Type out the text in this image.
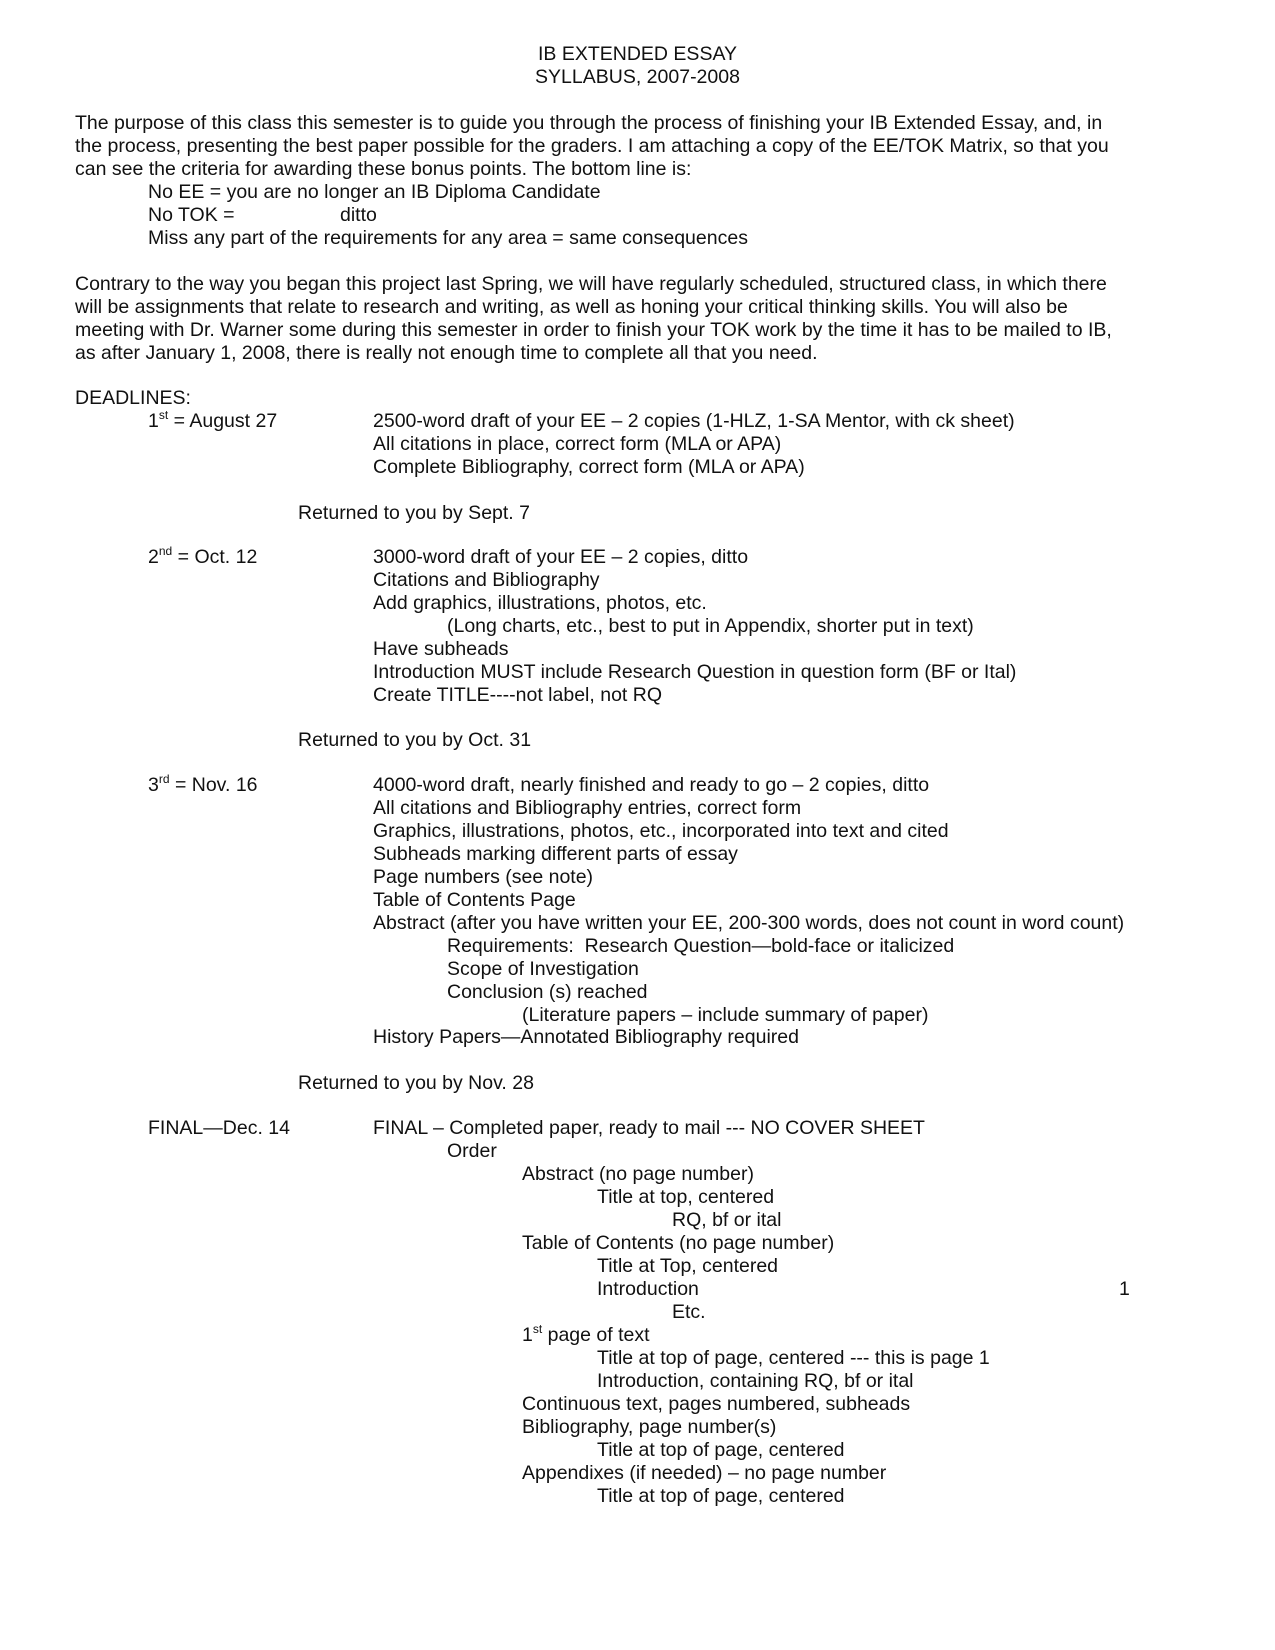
IB EXTENDED ESSAY
SYLLABUS, 2007-2008
The purpose of this class this semester is to guide you through the process of finishing your IB Extended Essay, and, in
the process, presenting the best paper possible for the graders. I am attaching a copy of the EE/TOK Matrix, so that you
can see the criteria for awarding these bonus points. The bottom line is:
No EE = you are no longer an IB Diploma Candidate
No TOK =	ditto
Miss any part of the requirements for any area = same consequences
Contrary to the way you began this project last Spring, we will have regularly scheduled, structured class, in which there
will be assignments that relate to research and writing, as well as honing your critical thinking skills. You will also be
meeting with Dr. Warner some during this semester in order to finish your TOK work by the time it has to be mailed to IB,
as after January 1, 2008, there is really not enough time to complete all that you need.
DEADLINES:
1st = August 27	2500-word draft of your EE – 2 copies (1-HLZ, 1-SA Mentor, with ck sheet)
All citations in place, correct form (MLA or APA)
Complete Bibliography, correct form (MLA or APA)
Returned to you by Sept. 7
2nd = Oct. 12	3000-word draft of your EE – 2 copies, ditto
Citations and Bibliography
Add graphics, illustrations, photos, etc.
(Long charts, etc., best to put in Appendix, shorter put in text)
Have subheads
Introduction MUST include Research Question in question form (BF or Ital)
Create TITLE----not label, not RQ
Returned to you by Oct. 31
3rd = Nov. 16	4000-word draft, nearly finished and ready to go – 2 copies, ditto
All citations and Bibliography entries, correct form
Graphics, illustrations, photos, etc., incorporated into text and cited
Subheads marking different parts of essay
Page numbers (see note)
Table of Contents Page
Abstract (after you have written your EE, 200-300 words, does not count in word count)
Requirements:  Research Question—bold-face or italicized
Scope of Investigation
Conclusion (s) reached
(Literature papers – include summary of paper)
History Papers—Annotated Bibliography required
Returned to you by Nov. 28
FINAL—Dec. 14	FINAL – Completed paper, ready to mail --- NO COVER SHEET
Order
Abstract (no page number)
Title at top, centered
RQ, bf or ital
Table of Contents (no page number)
Title at Top, centered
Introduction	1
Etc.
1st page of text
Title at top of page, centered --- this is page 1
Introduction, containing RQ, bf or ital
Continuous text, pages numbered, subheads
Bibliography, page number(s)
Title at top of page, centered
Appendixes (if needed) – no page number
Title at top of page, centered
